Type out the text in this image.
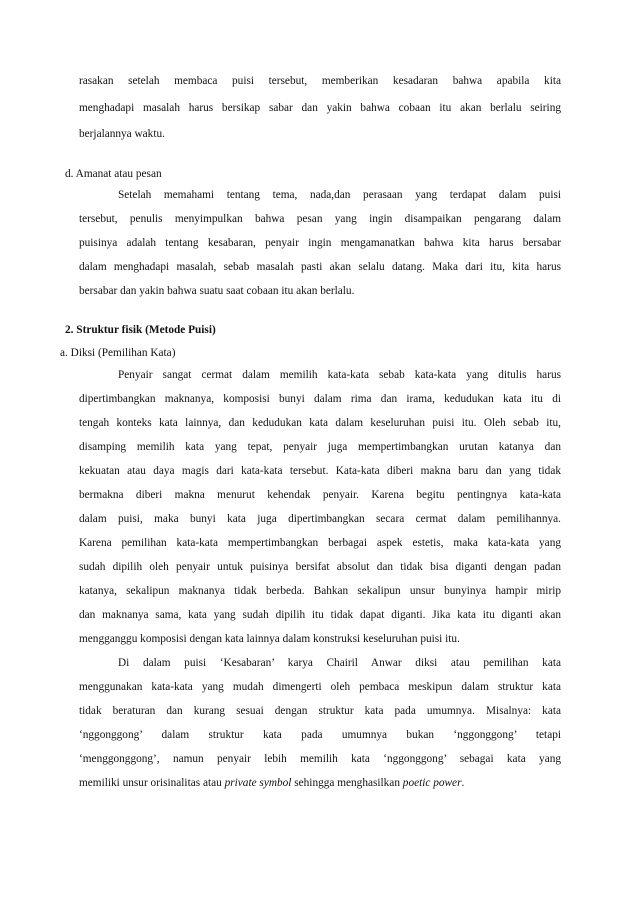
rasakan setelah membaca puisi tersebut, memberikan kesadaran bahwa apabila kita
menghadapi masalah harus bersikap sabar dan yakin bahwa cobaan itu akan berlalu seiring
berjalannya waktu.
d. Amanat atau pesan
Setelah memahami tentang tema, nada,dan perasaan yang terdapat dalam puisi
tersebut, penulis menyimpulkan bahwa pesan yang ingin disampaikan pengarang dalam
puisinya adalah tentang kesabaran, penyair ingin mengamanatkan bahwa kita harus bersabar
dalam menghadapi masalah, sebab masalah pasti akan selalu datang. Maka dari itu, kita harus
bersabar dan yakin bahwa suatu saat cobaan itu akan berlalu.
2. Struktur fisik (Metode Puisi)
a. Diksi (Pemilihan Kata)
Penyair sangat cermat dalam memilih kata-kata sebab kata-kata yang ditulis harus
dipertimbangkan maknanya, komposisi bunyi dalam rima dan irama, kedudukan kata itu di
tengah konteks kata lainnya, dan kedudukan kata dalam keseluruhan puisi itu. Oleh sebab itu,
disamping memilih kata yang tepat, penyair juga mempertimbangkan urutan katanya dan
kekuatan atau daya magis dari kata-kata tersebut. Kata-kata diberi makna baru dan yang tidak
bermakna diberi makna menurut kehendak penyair. Karena begitu pentingnya kata-kata
dalam puisi, maka bunyi kata juga dipertimbangkan secara cermat dalam pemilihannya.
Karena pemilihan kata-kata mempertimbangkan berbagai aspek estetis, maka kata-kata yang
sudah dipilih oleh penyair untuk puisinya bersifat absolut dan tidak bisa diganti dengan padan
katanya, sekalipun maknanya tidak berbeda. Bahkan sekalipun unsur bunyinya hampir mirip
dan maknanya sama, kata yang sudah dipilih itu tidak dapat diganti. Jika kata itu diganti akan
mengganggu komposisi dengan kata lainnya dalam konstruksi keseluruhan puisi itu.
Di dalam puisi ‘Kesabaran’ karya Chairil Anwar diksi atau pemilihan kata
menggunakan kata-kata yang mudah dimengerti oleh pembaca meskipun dalam struktur kata
tidak beraturan dan kurang sesuai dengan struktur kata pada umumnya. Misalnya: kata
‘nggonggong’ dalam struktur kata pada umumnya bukan ‘nggonggong’ tetapi
‘menggonggong’, namun penyair lebih memilih kata ‘nggonggong’ sebagai kata yang
memiliki unsur orisinalitas atau private symbol sehingga menghasilkan poetic power.
